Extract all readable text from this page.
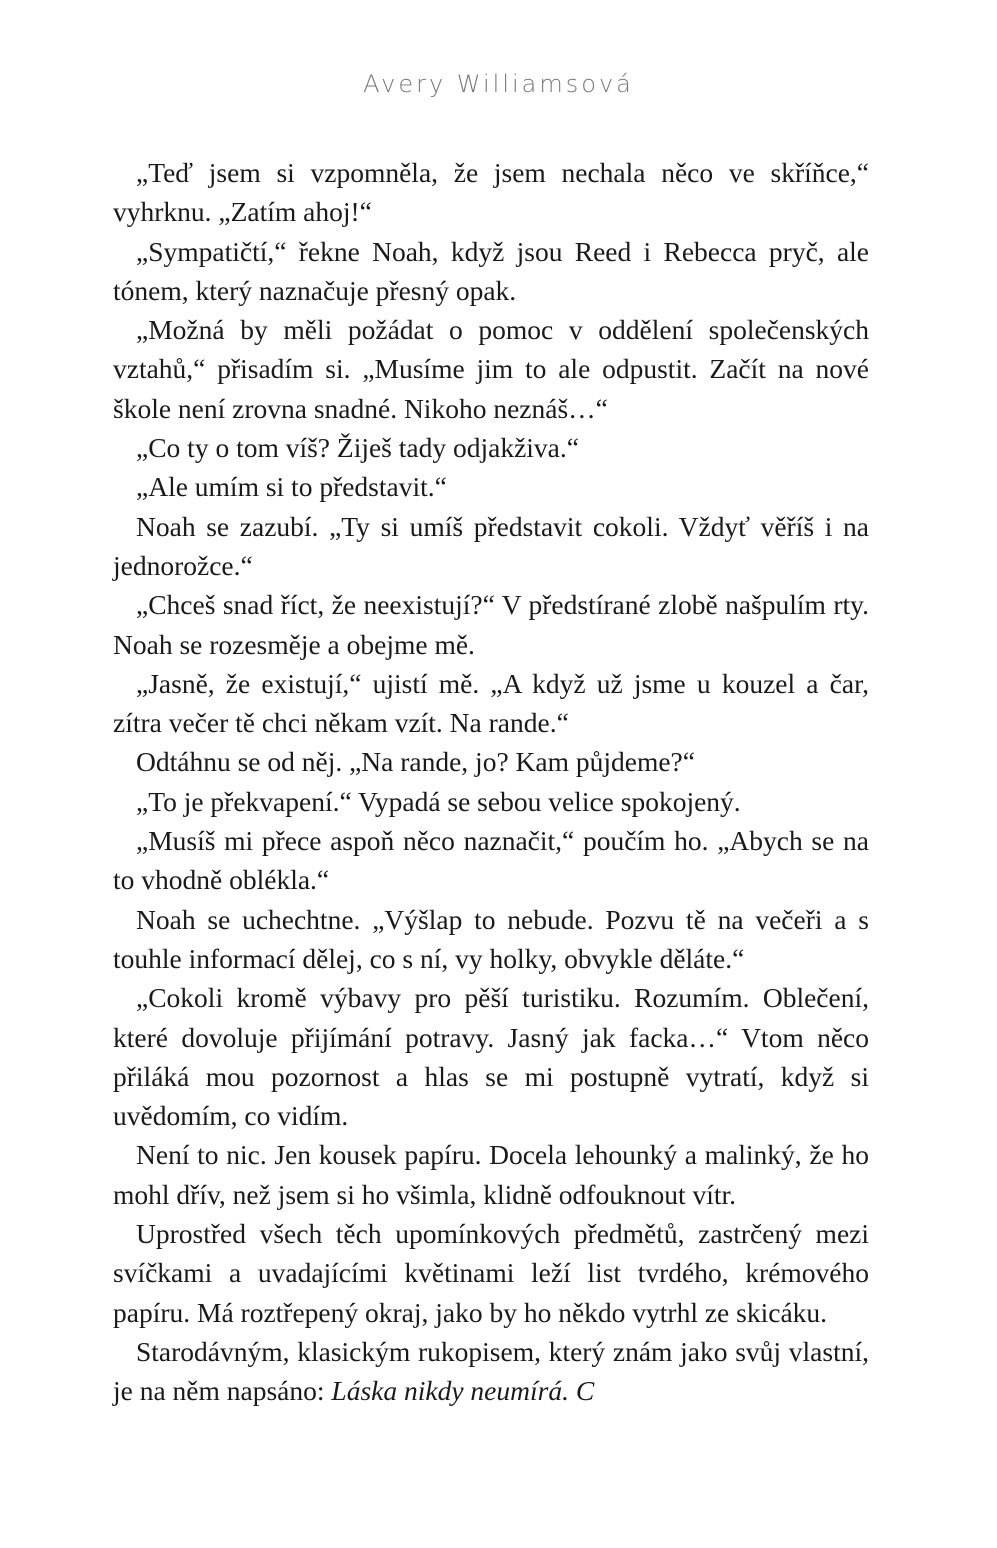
Avery Williamsová

„Teď jsem si vzpomněla, že jsem nechala něco ve skříňce,“ vyhrknu. „Zatím ahoj!“

„Sympatičtí,“ řekne Noah, když jsou Reed i Rebecca pryč, ale tónem, který naznačuje přesný opak.

„Možná by měli požádat o pomoc v oddělení společenských vztahů,“ přisadím si. „Musíme jim to ale odpustit. Začít na nové škole není zrovna snadné. Nikoho neznáš…“

„Co ty o tom víš? Žiješ tady odjakživa.“

„Ale umím si to představit.“

Noah se zazubí. „Ty si umíš představit cokoli. Vždyť věříš i na jednorožce.“

„Chceš snad říct, že neexistují?“ V předstírané zlobě našpulím rty. Noah se rozesměje a obejme mě.

„Jasně, že existují,“ ujistí mě. „A když už jsme u kouzel a čar, zítra večer tě chci někam vzít. Na rande.“

Odtáhnu se od něj. „Na rande, jo? Kam půjdeme?“

„To je překvapení.“ Vypadá se sebou velice spokojený.

„Musíš mi přece aspoň něco naznačit,“ poučím ho. „Abych se na to vhodně oblékla.“

Noah se uchechtne. „Výšlap to nebude. Pozvu tě na večeři a s touhle informací dělej, co s ní, vy holky, obvykle děláte.“

„Cokoli kromě výbavy pro pěší turistiku. Rozumím. Oblečení, které dovoluje přijímání potravy. Jasný jak facka…“ Vtom něco přiláká mou pozornost a hlas se mi postupně vytratí, když si uvědomím, co vidím.

Není to nic. Jen kousek papíru. Docela lehounký a malinký, že ho mohl dřív, než jsem si ho všimla, klidně odfouknout vítr.

Uprostřed všech těch upomínkových předmětů, zastrčený mezi svíčkami a uvadajícími květinami leží list tvrdého, krémového papíru. Má roztřepený okraj, jako by ho někdo vytrhl ze skicáku.

Starodávným, klasickým rukopisem, který znám jako svůj vlastní, je na něm napsáno: Láska nikdy neumírá. C
